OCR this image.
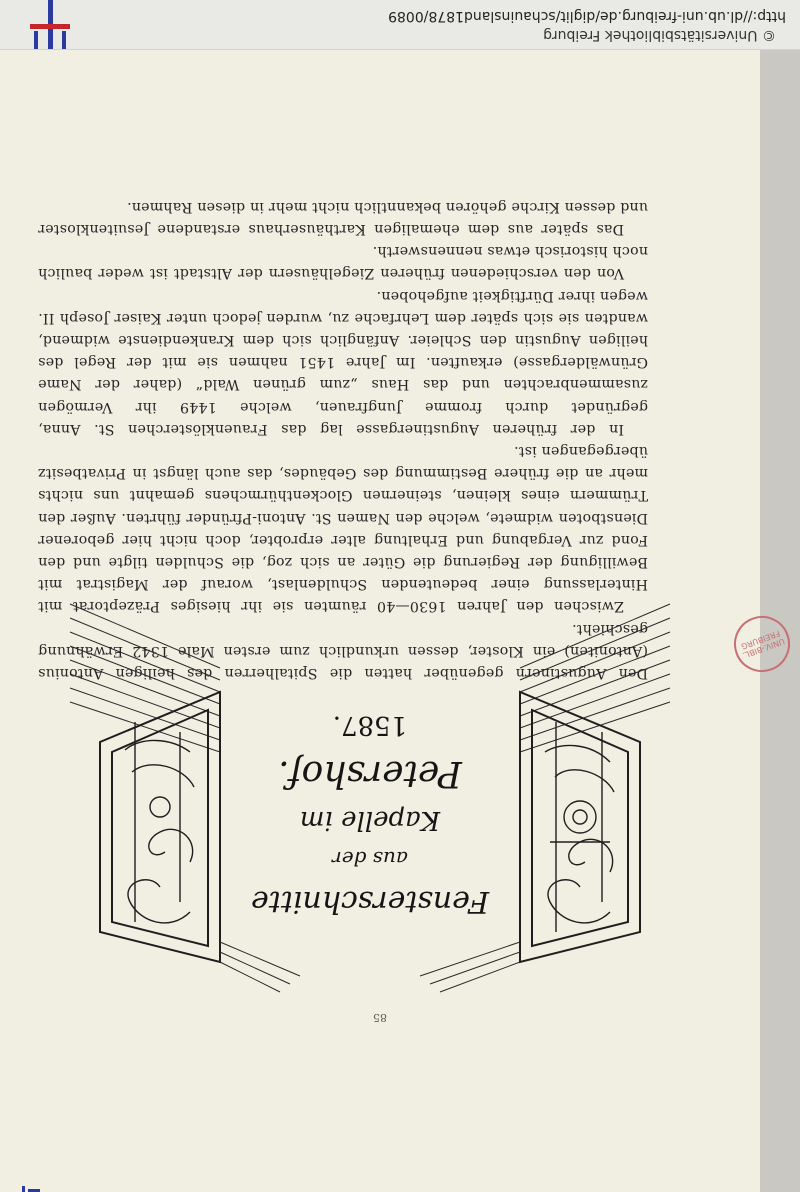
85
Fensterschnitte
aus der
Kapelle im
Petershof.
1587.

Den Augustinern gegenüber hatten die Spitalherren des heiligen Antonius (Antoniten) ein Kloster, dessen urkundlich zum ersten Male 1342 Erwähnung geschieht.

Zwischen den Jahren 1630—40 räumten sie ihr hiesiges Präzeptorat mit Hinterlassung einer bedeutenden Schuldenlast, worauf der Magistrat mit Bewilligung der Regierung die Güter an sich zog, die Schulden tilgte und den Fond zur Vergabung und Erhaltung alter erprobter, doch nicht hier geborener Dienstboten widmete, welche den Namen St. Antoni-Pfründer führten. Außer den Trümmern eines kleinen, steinernen Glockenthürmchens gemahnt uns nichts mehr an die frühere Bestimmung des Gebäudes, das auch längst in Privatbesitz übergegangen ist.

In der früheren Augustinergasse lag das Frauenklösterchen St. Anna, gegründet durch fromme Jungfrauen, welche 1449 ihr Vermögen zusammenbrachten und das Haus „zum grünen Wald“ (daher der Name Grünwäldergasse) erkauften. Im Jahre 1451 nahmen sie mit der Regel des heiligen Augustin den Schleier. Anfänglich sich dem Krankendienste widmend, wandten sie sich später dem Lehrfache zu, wurden jedoch unter Kaiser Joseph II. wegen ihrer Dürftigkeit aufgehoben.

Von den verschiedenen früheren Ziegelhäusern der Altstadt ist weder baulich noch historisch etwas nennenswerth.

Das später aus dem ehemaligen Karthäuserhaus erstandene Jesuitenkloster und dessen Kirche gehören bekanntlich nicht mehr in diesen Rahmen.

UNIV.-BIBL. FREIBURG
© Universitätsbibliothek Freiburg
http://dl.ub.uni-freiburg.de/diglit/schauinsland1878/0089
